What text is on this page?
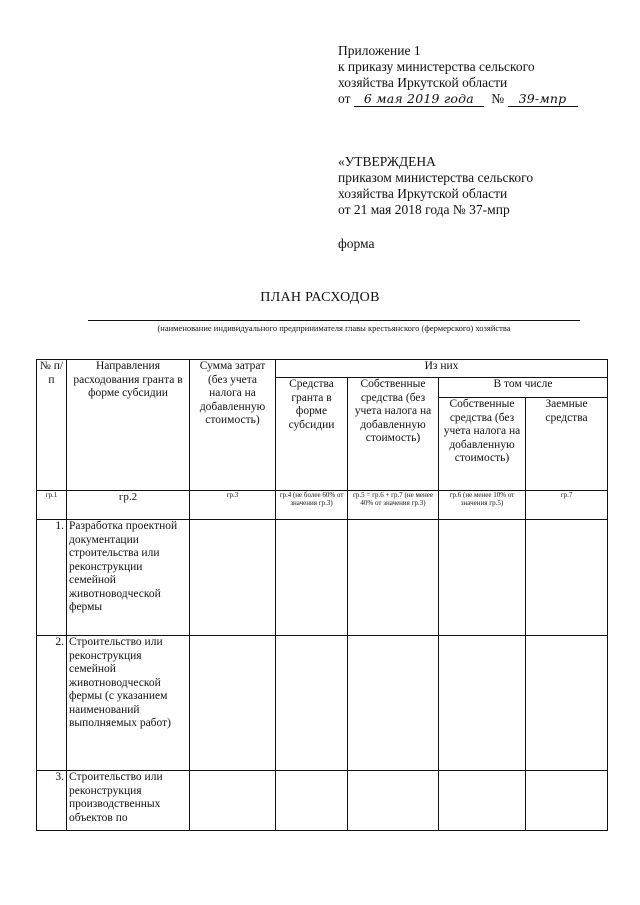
Приложение 1
к приказу министерства сельского
хозяйства Иркутской области
от 6 мая 2019 года № 39-мпр
«УТВЕРЖДЕНА
приказом министерства сельского
хозяйства Иркутской области
от 21 мая 2018 года № 37-мпр
форма
ПЛАН РАСХОДОВ
(наименование индивидуального предпринимателя главы крестьянского (фермерского) хозяйства
№ п/п	Направления расходования гранта в форме субсидии	Сумма затрат (без учета налога на добавленную стоимость)	Из них			
			Средства гранта в форме субсидии	Собственные средства (без учета налога на добавленную стоимость)	В том числе	
					Собственные средства (без учета налога на добавленную стоимость)	Заемные средства
гр.1	гр.2	гр.3	гр.4 (не более 60% от значения гр.3)	гр.5 = гр.6 + гр.7 (не менее 40% от значения гр.3)	гр.6 (не менее 10% от значения гр.5)	гр.7
1.	Разработка проектной документации строительства или реконструкции семейной животноводческой фермы					
2.	Строительство или реконструкция семейной животноводческой фермы (с указанием наименований выполняемых работ)					
3.	Строительство или реконструкция производственных объектов по					
